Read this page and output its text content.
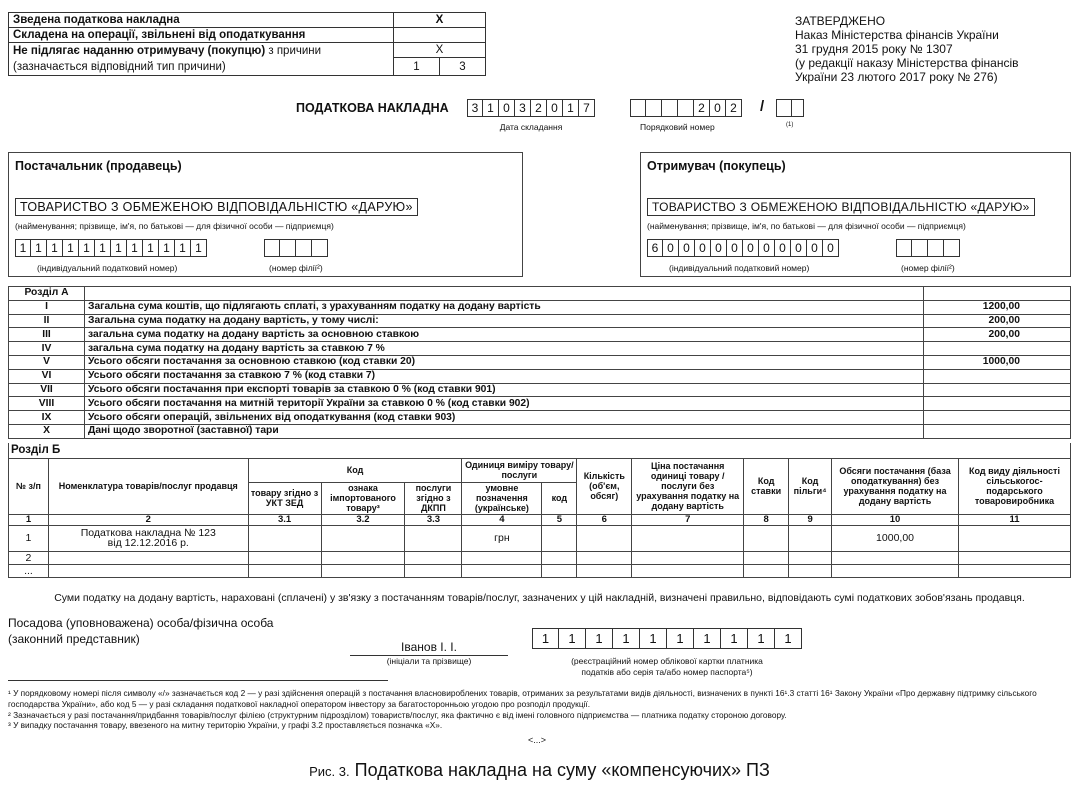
Зведена податкова накладна	X	
Складена на операції, звільнені від оподаткування		
Не підлягає наданню отримувачу (покупцю) з причини
(зазначається відповідний тип причини)	X	
	1	3
ЗАТВЕРДЖЕНО
Наказ Міністерства фінансів України
31 грудня 2015 року № 1307
(у редакції наказу Міністерства фінансів
України 23 лютого 2017 року № 276)
ПОДАТКОВА НАКЛАДНА	3 1 0 3 2 0 1 7
Дата складання
2 0 2	/
Порядковий номер	(1)
Постачальник (продавець)
ТОВАРИСТВО З ОБМЕЖЕНОЮ ВІДПОВІДАЛЬНІСТЮ «ДАРУЮ»
(найменування; прізвище, ім'я, по батькові — для фізичної особи — підприємця)
1 1 1 1 1 1 1 1 1 1 1 1
(індивідуальний податковий номер)	(номер філії²)
Отримувач (покупець)
ТОВАРИСТВО З ОБМЕЖЕНОЮ ВІДПОВІДАЛЬНІСТЮ «ДАРУЮ»
(найменування; прізвище, ім'я, по батькові — для фізичної особи — підприємця)
6 0 0 0 0 0 0 0 0 0 0 0
(індивідуальний податковий номер)	(номер філії²)
Розділ А		
I	Загальна сума коштів, що підлягають сплаті, з урахуванням податку на додану вартість	1200,00
II	Загальна сума податку на додану вартість, у тому числі:	200,00
III	загальна сума податку на додану вартість за основною ставкою	200,00
IV	загальна сума податку на додану вартість за ставкою 7 %	
V	Усього обсяги постачання за основною ставкою (код ставки 20)	1000,00
VI	Усього обсяги постачання за ставкою 7 % (код ставки 7)	
VII	Усього обсяги постачання при експорті товарів за ставкою 0 % (код ставки 901)	
VIII	Усього обсяги постачання на митній території України за ставкою 0 % (код ставки 902)	
IX	Усього обсяги операцій, звільнених від оподаткування (код ставки 903)	
X	Дані щодо зворотної (заставної) тари	
Розділ Б												
№ з/п	Номенклатура товарів/послуг продавця	Код			Одиниця виміру товару/послуги		Кількість (об'єм, обсяг)	Ціна постачання одиниці товару / послуги без урахування податку на додану вартість	Код ставки	Код пільги⁴	Обсяги постачання (база оподаткування) без урахування податку на додану вартість	Код виду діяльності сільськогос-подарського товаровиробника
		товару згідно з УКТ ЗЕД	ознака імпортованого товару³	послуги згідно з ДКПП	умовне позначення (українське)	код						
1	2	3.1	3.2	3.3	4	5	6	7	8	9	10	11
1	Податкова накладна № 123
від 12.12.2016 р.				грн						1000,00	
2	

...	

Суми податку на додану вартість, нараховані (сплачені) у зв'язку з постачанням товарів/послуг, зазначених у цій накладній, визначені правильно, відповідають сумі податкових зобов'язань продавця.
Посадова (уповноважена) особа/фізична особа
(законний представник)
Іванов І. І.
(ініціали та прізвище)
1	1	1	1	1	1	1	1	1	1
(реєстраційний номер облікової картки платника
податків або серія та/або номер паспорта⁵)
¹ У порядковому номері після символу «/» зазначається код 2 — у разі здійснення операцій з постачання власновироблених товарів, отриманих за результатами видів діяльності, визначених в пункті 16¹.3 статті 16¹ Закону України «Про державну підтримку сільського господарства України», або код 5 — у разі складання податкової накладної оператором інвестору за багатосторонньою угодою про розподіл продукції.
² Зазначається у разі постачання/придбання товарів/послуг філією (структурним підрозділом) товариств/послуг, яка фактично є від імені головного підприємства — платника податку стороною договору.
³ У випадку постачання товару, ввезеного на митну територію України, у графі 3.2 проставляється позначка «Х».
<...>
Рис. 3. Податкова накладна на суму «компенсуючих» ПЗ
